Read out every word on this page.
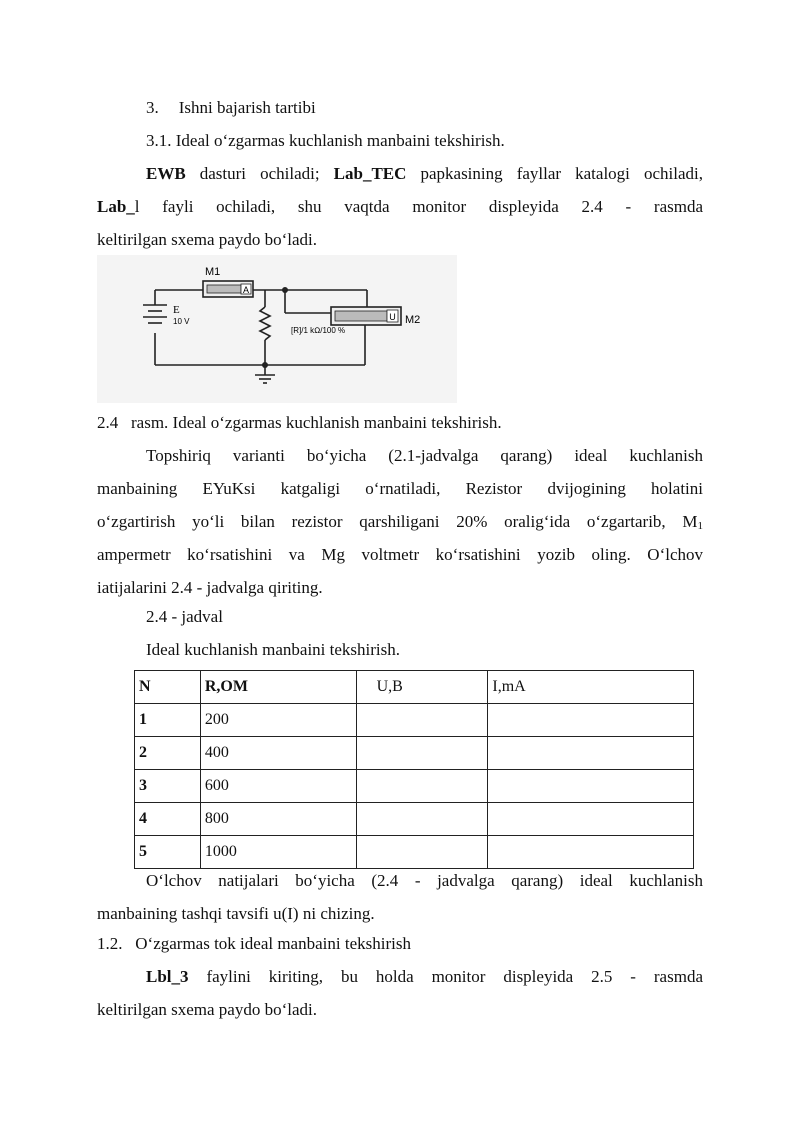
3. Ishni bajarish tartibi
3.1. Ideal o‘zgarmas kuchlanish manbaini tekshirish.
EWB dasturi ochiladi; Lab_TEC papkasining fayllar katalogi ochiladi,
Lab_l fayli ochiladi, shu vaqtda monitor displeyida 2.4 - rasmda
keltirilgan sxema paydo bo‘ladi.
A
M1
U M2
E
10 V
[R]/1 kΩ/100 %
2.4   rasm. Ideal o‘zgarmas kuchlanish manbaini tekshirish.
Topshiriq varianti bo‘yicha (2.1-jadvalga qarang) ideal kuchlanish
manbaining EYuKsi katgaligi o‘rnatiladi, Rezistor dvijogining holatini
o‘zgartirish yo‘li bilan rezistor qarshiligani 20% oralig‘ida o‘zgartarib, M1
ampermetr ko‘rsatishini va Mg voltmetr ko‘rsatishini yozib oling. O‘lchov
iatijalarini 2.4 - jadvalga qiriting.
2.4 - jadval
Ideal kuchlanish manbaini tekshirish.
N	R,OM	U,B	I,mA
1	200		
2	400		
3	600		
4	800		
5	1000		
O‘lchov natijalari bo‘yicha (2.4 - jadvalga qarang) ideal kuchlanish
manbaining tashqi tavsifi u(I) ni chizing.
1.2.   O‘zgarmas tok ideal manbaini tekshirish
Lbl_3 faylini kiriting, bu holda monitor displeyida 2.5 - rasmda
keltirilgan sxema paydo bo‘ladi.
